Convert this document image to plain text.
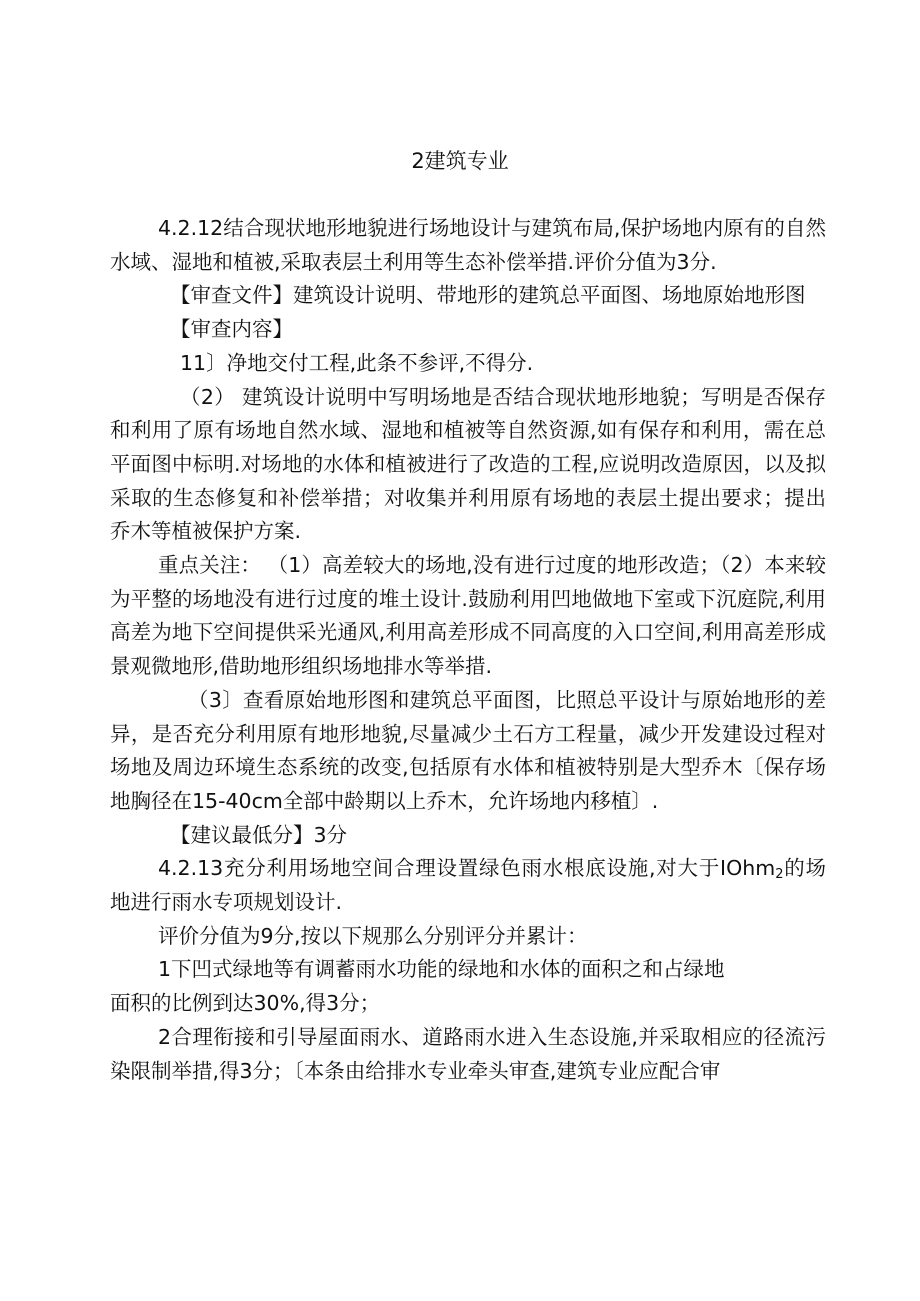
2建筑专业

4.2.12结合现状地形地貌进行场地设计与建筑布局,保护场地内原有的自然水域、湿地和植被,采取表层土利用等生态补偿举措.评价分值为3分.

【审查文件】建筑设计说明、带地形的建筑总平面图、场地原始地形图

【审查内容】

11〕净地交付工程,此条不参评,不得分.

（2） 建筑设计说明中写明场地是否结合现状地形地貌；写明是否保存和利用了原有场地自然水域、湿地和植被等自然资源,如有保存和利用，需在总平面图中标明.对场地的水体和植被进行了改造的工程,应说明改造原因，以及拟采取的生态修复和补偿举措；对收集并利用原有场地的表层土提出要求；提出乔木等植被保护方案.

重点关注： （1）高差较大的场地,没有进行过度的地形改造；（2）本来较为平整的场地没有进行过度的堆土设计.鼓励利用凹地做地下室或下沉庭院,利用高差为地下空间提供采光通风,利用高差形成不同高度的入口空间,利用高差形成景观微地形,借助地形组织场地排水等举措.

（3〕查看原始地形图和建筑总平面图，比照总平设计与原始地形的差异，是否充分利用原有地形地貌,尽量减少土石方工程量，减少开发建设过程对场地及周边环境生态系统的改变,包括原有水体和植被特别是大型乔木〔保存场地胸径在15-40cm全部中龄期以上乔木，允许场地内移植〕.

【建议最低分】3分

4.2.13充分利用场地空间合理设置绿色雨水根底设施,对大于IOhm$_2$的场地进行雨水专项规划设计.

评价分值为9分,按以下规那么分别评分并累计：

1下凹式绿地等有调蓄雨水功能的绿地和水体的面积之和占绿地

面积的比例到达30%,得3分；

2合理衔接和引导屋面雨水、道路雨水进入生态设施,并采取相应的径流污染限制举措,得3分；〔本条由给排水专业牵头审查,建筑专业应配合审
